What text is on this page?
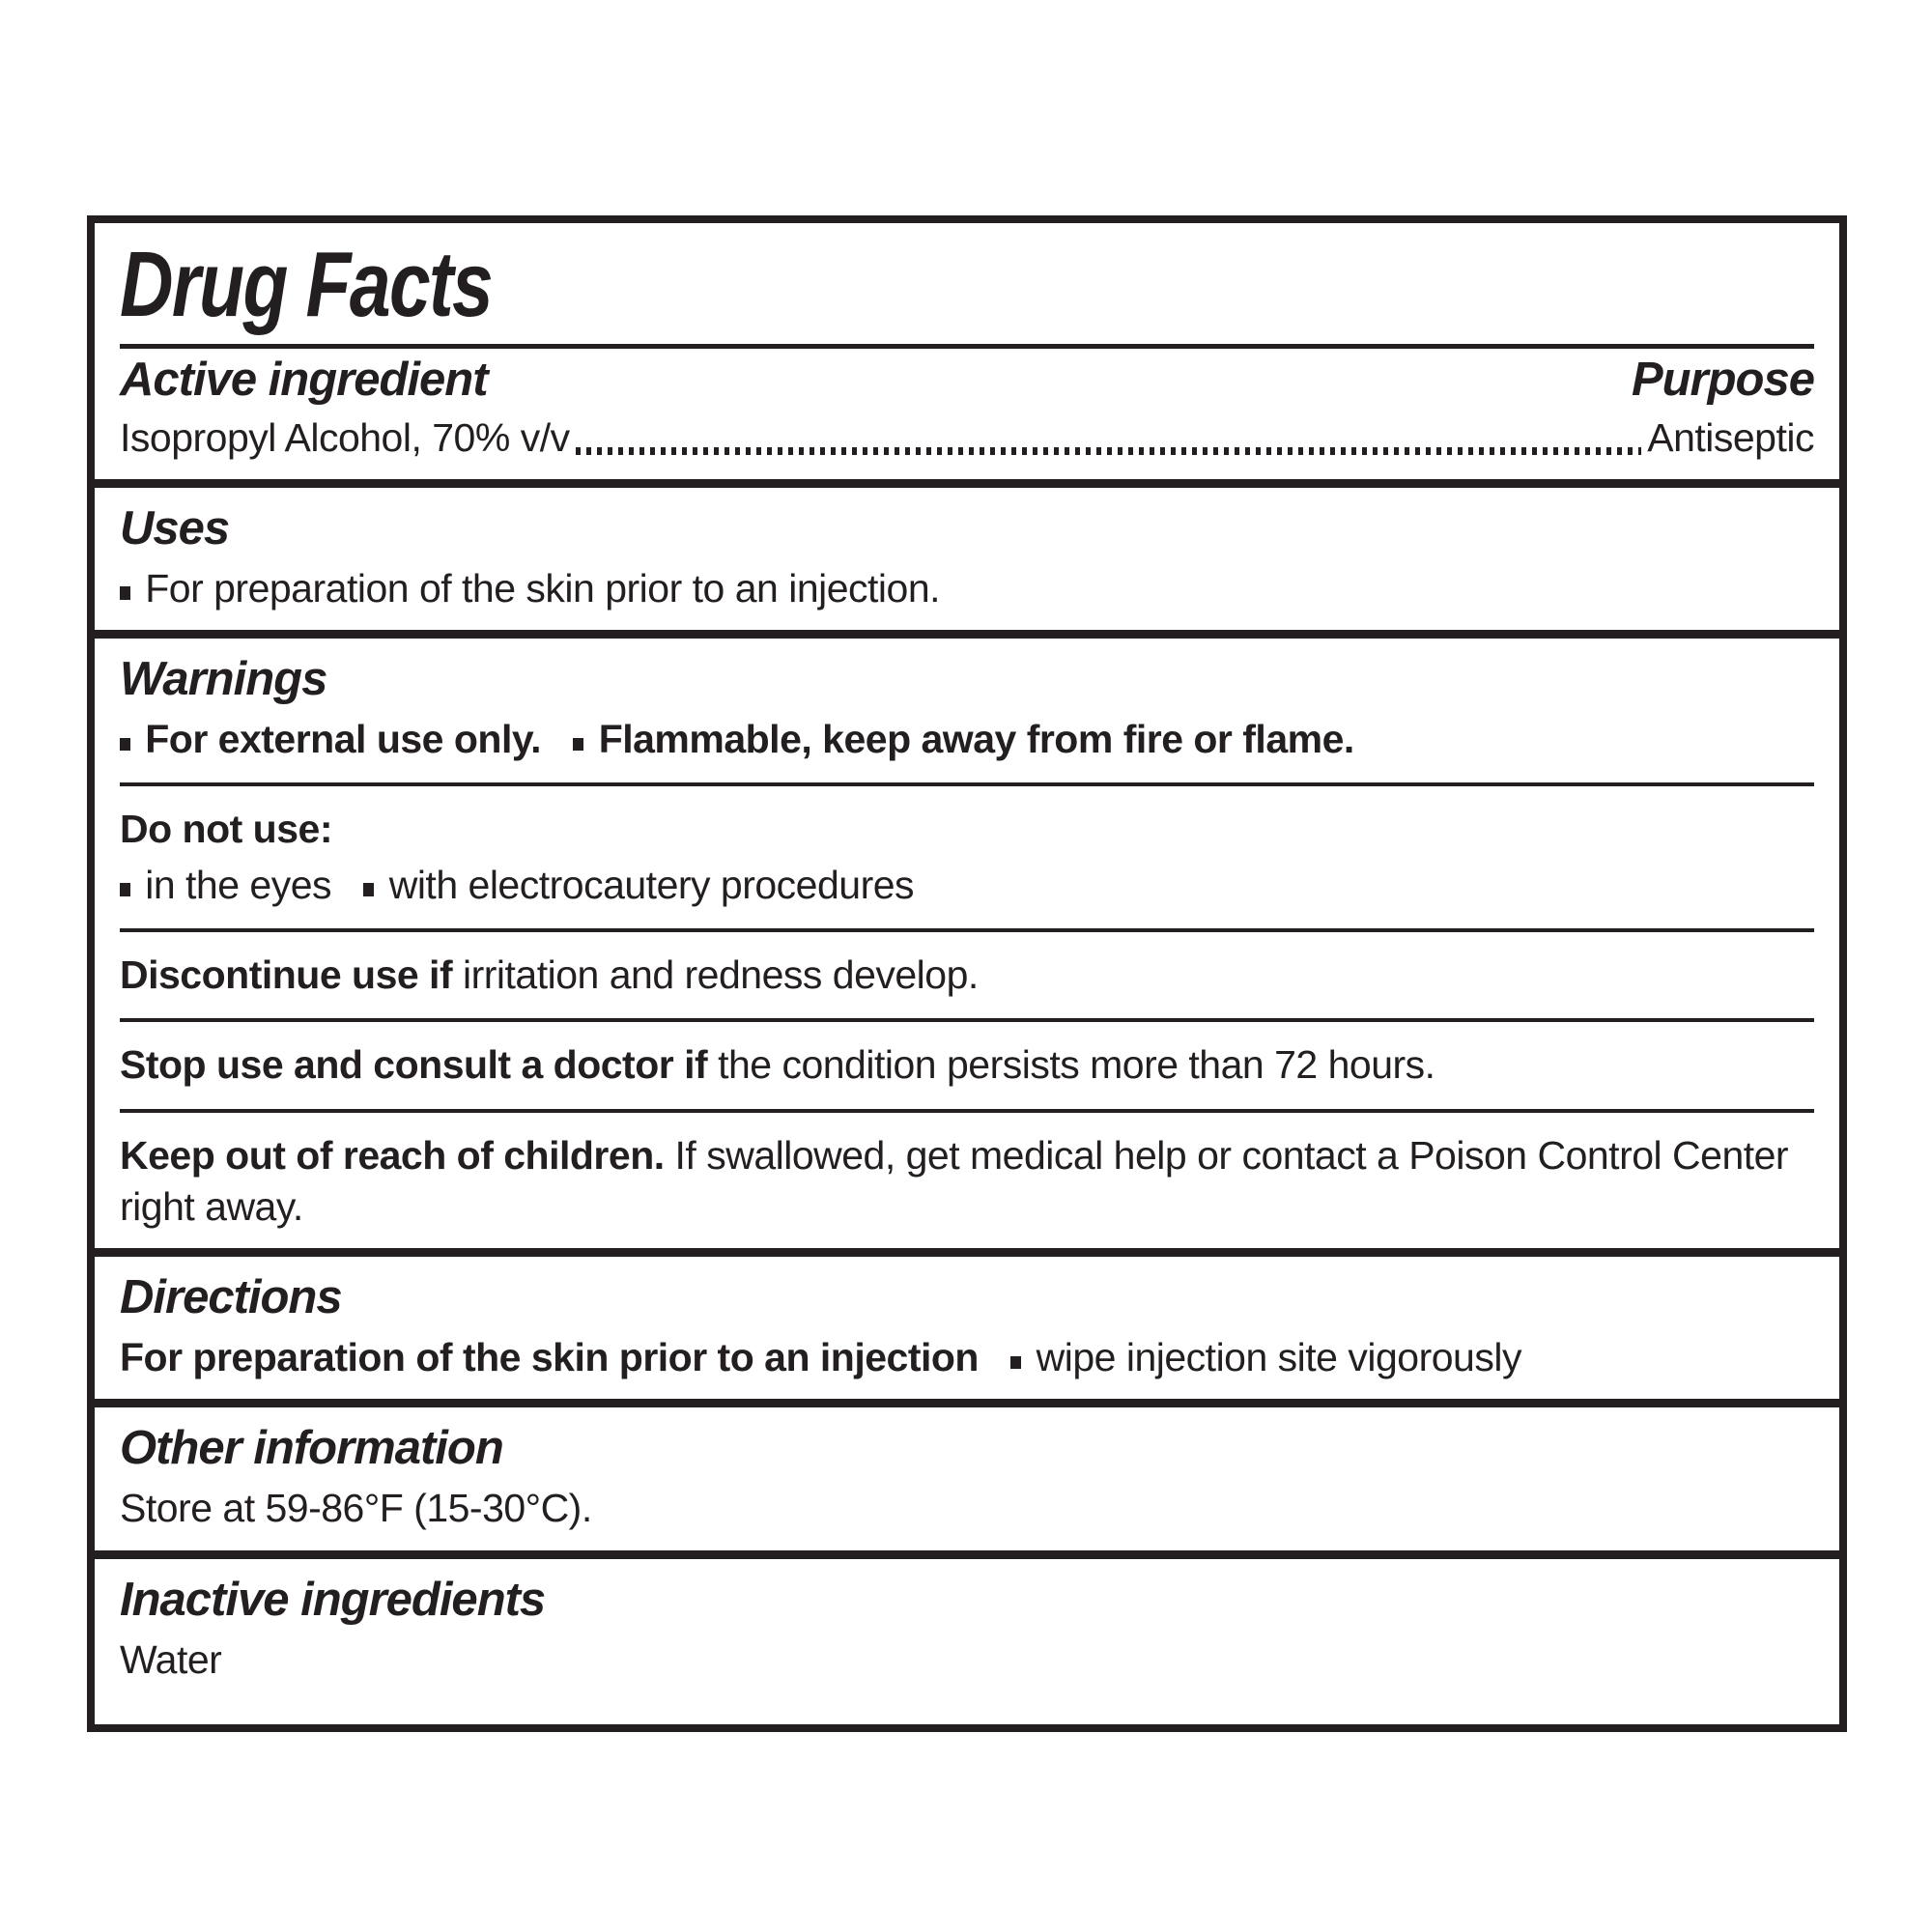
Drug Facts
Active ingredient	Purpose
Isopropyl Alcohol, 70% v/v	Antiseptic
Uses

For preparation of the skin prior to an injection.

Warnings

For external use only. Flammable, keep away from fire or flame.

Do not use:

in the eyes with electrocautery procedures

Discontinue use if irritation and redness develop.

Stop use and consult a doctor if the condition persists more than 72 hours.

Keep out of reach of children. If swallowed, get medical help or contact a Poison Control Center right away.

Directions

For preparation of the skin prior to an injection wipe injection site vigorously

Other information

Store at 59-86°F (15-30°C).

Inactive ingredients

Water
